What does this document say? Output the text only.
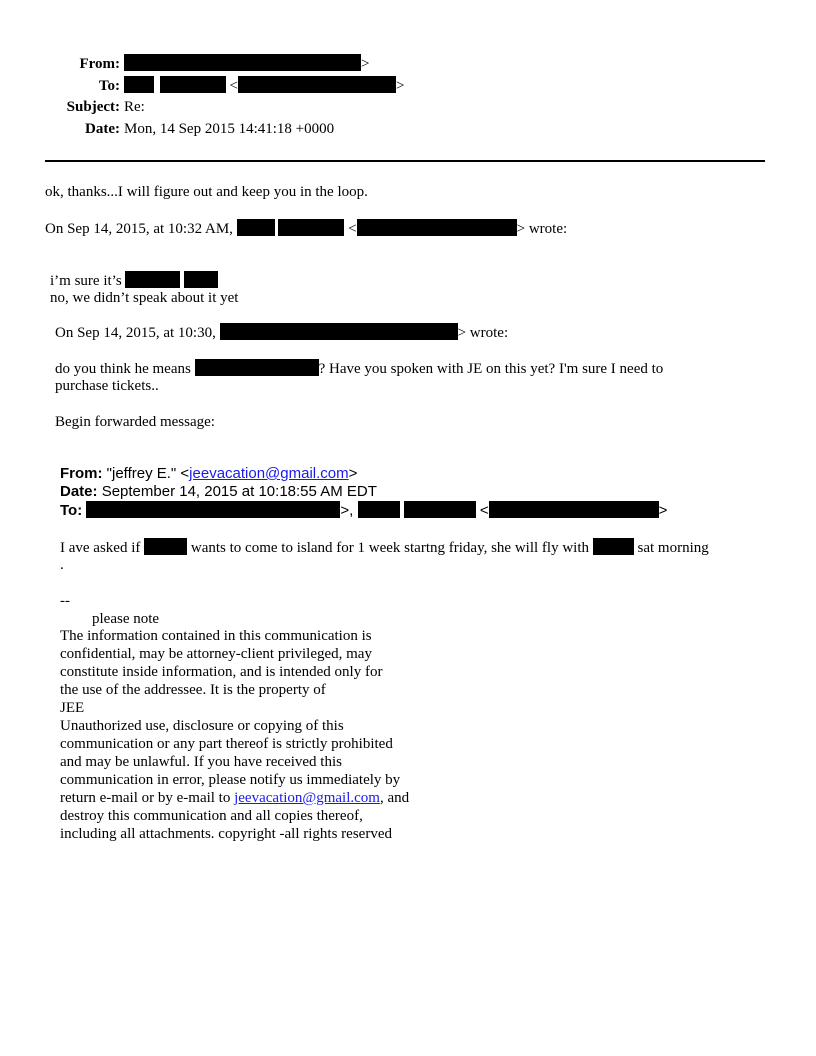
From:	>
To:	<	>
Subject: Re:
Date: Mon, 14 Sep 2015 14:41:18 +0000
ok, thanks...I will figure out and keep you in the loop.
On Sep 14, 2015, at 10:32 AM,	<	> wrote:
i’m sure it’s
no, we didn’t speak about it yet
On Sep 14, 2015, at 10:30,	> wrote:
do you think he means	? Have you spoken with JE on this yet? I'm sure I need to
purchase tickets..
Begin forwarded message:
From: "jeffrey E." <jeevacation@gmail.com>
Date: September 14, 2015 at 10:18:55 AM EDT
To:	>,	<	>
I ave asked if	wants to come to island for 1 week startng friday, she will fly with	sat morning
.
--
please note
The information contained in this communication is
confidential, may be attorney-client privileged, may
constitute inside information, and is intended only for
the use of the addressee. It is the property of
JEE
Unauthorized use, disclosure or copying of this
communication or any part thereof is strictly prohibited
and may be unlawful. If you have received this
communication in error, please notify us immediately by
return e-mail or by e-mail to jeevacation@gmail.com, and
destroy this communication and all copies thereof,
including all attachments. copyright -all rights reserved
